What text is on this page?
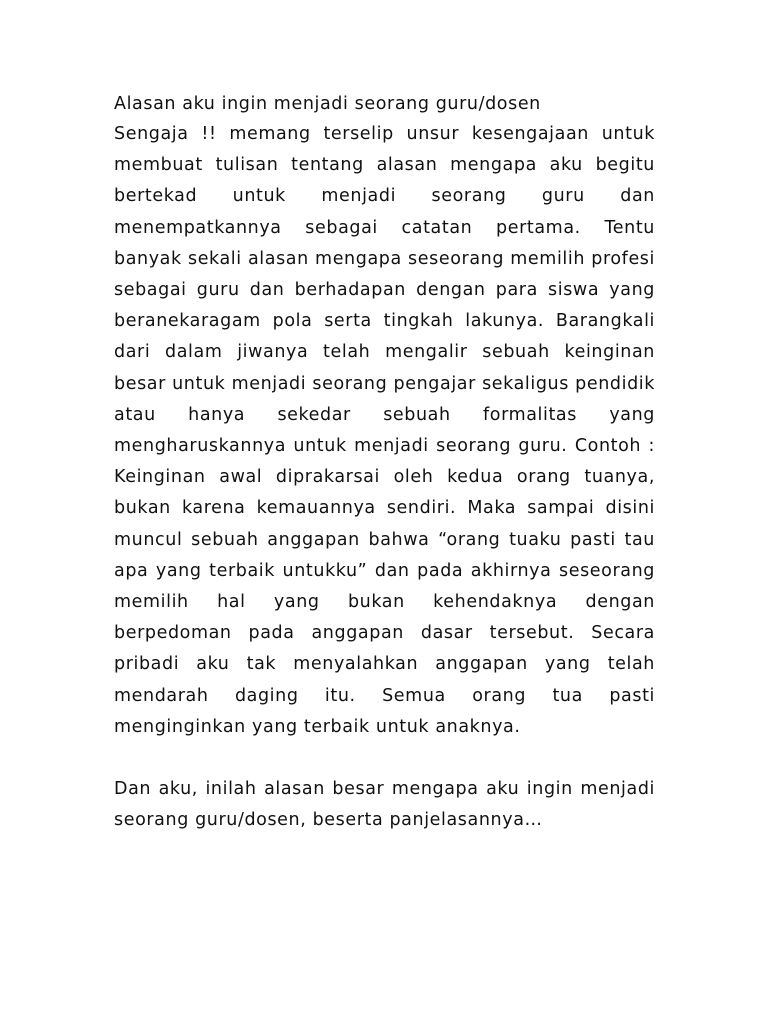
Alasan aku ingin menjadi seorang guru/dosen

Sengaja !! memang terselip unsur kesengajaan untuk membuat tulisan tentang alasan mengapa aku begitu bertekad untuk menjadi seorang guru dan menempatkannya sebagai catatan pertama. Tentu banyak sekali alasan mengapa seseorang memilih profesi sebagai guru dan berhadapan dengan para siswa yang beranekaragam pola serta tingkah lakunya. Barangkali dari dalam jiwanya telah mengalir sebuah keinginan besar untuk menjadi seorang pengajar sekaligus pendidik atau hanya sekedar sebuah formalitas yang mengharuskannya untuk menjadi seorang guru. Contoh : Keinginan awal diprakarsai oleh kedua orang tuanya, bukan karena kemauannya sendiri. Maka sampai disini muncul sebuah anggapan bahwa “orang tuaku pasti tau apa yang terbaik untukku” dan pada akhirnya seseorang memilih hal yang bukan kehendaknya dengan berpedoman pada anggapan dasar tersebut. Secara pribadi aku tak menyalahkan anggapan yang telah mendarah daging itu. Semua orang tua pasti menginginkan yang terbaik untuk anaknya.

Dan aku, inilah alasan besar mengapa aku ingin menjadi seorang guru/dosen, beserta panjelasannya…
